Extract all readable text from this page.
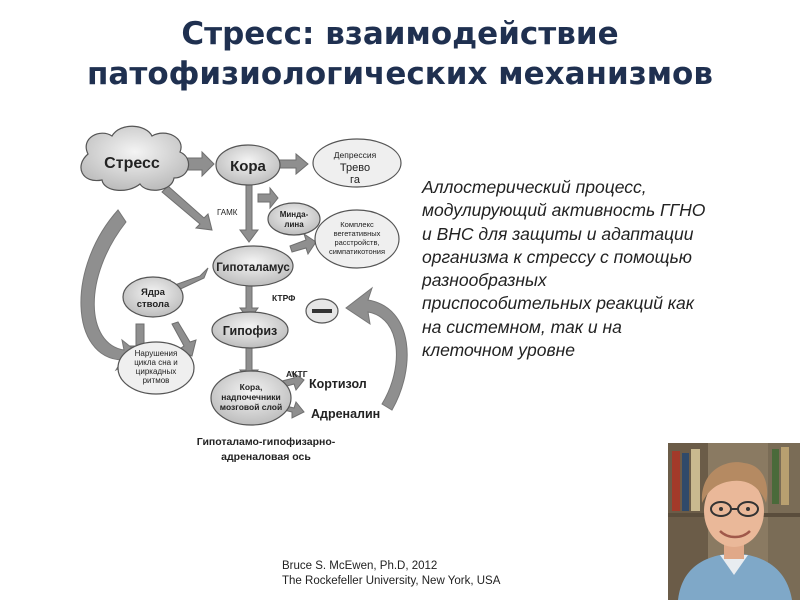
Стресс: взаимодействие
патофизиологических механизмов
Стресс	Кора
Депрессия
Трево
га
ГАМК	Минда-
лина	Комплекс
вегетативных
расстройств,
симпатикотония
Гипоталамус
Ядра
ствола
КТРФ
Гипофиз
Нарушения
цикла сна и
циркадных
ритмов
АКТГ
Кора,
надпочечники
мозговой слой
Кортизол
Адреналин
Гипоталамо-гипофизарно-
адреналовая ось
Аллостерический процесс,
модулирующий активность ГГНО
и ВНС для защиты и адаптации
организма к стрессу с помощью
разнообразных
приспособительных реакций как
на системном, так и на
клеточном уровне
Bruce S. McEwen, Ph.D, 2012
The Rockefeller University, New York, USA
